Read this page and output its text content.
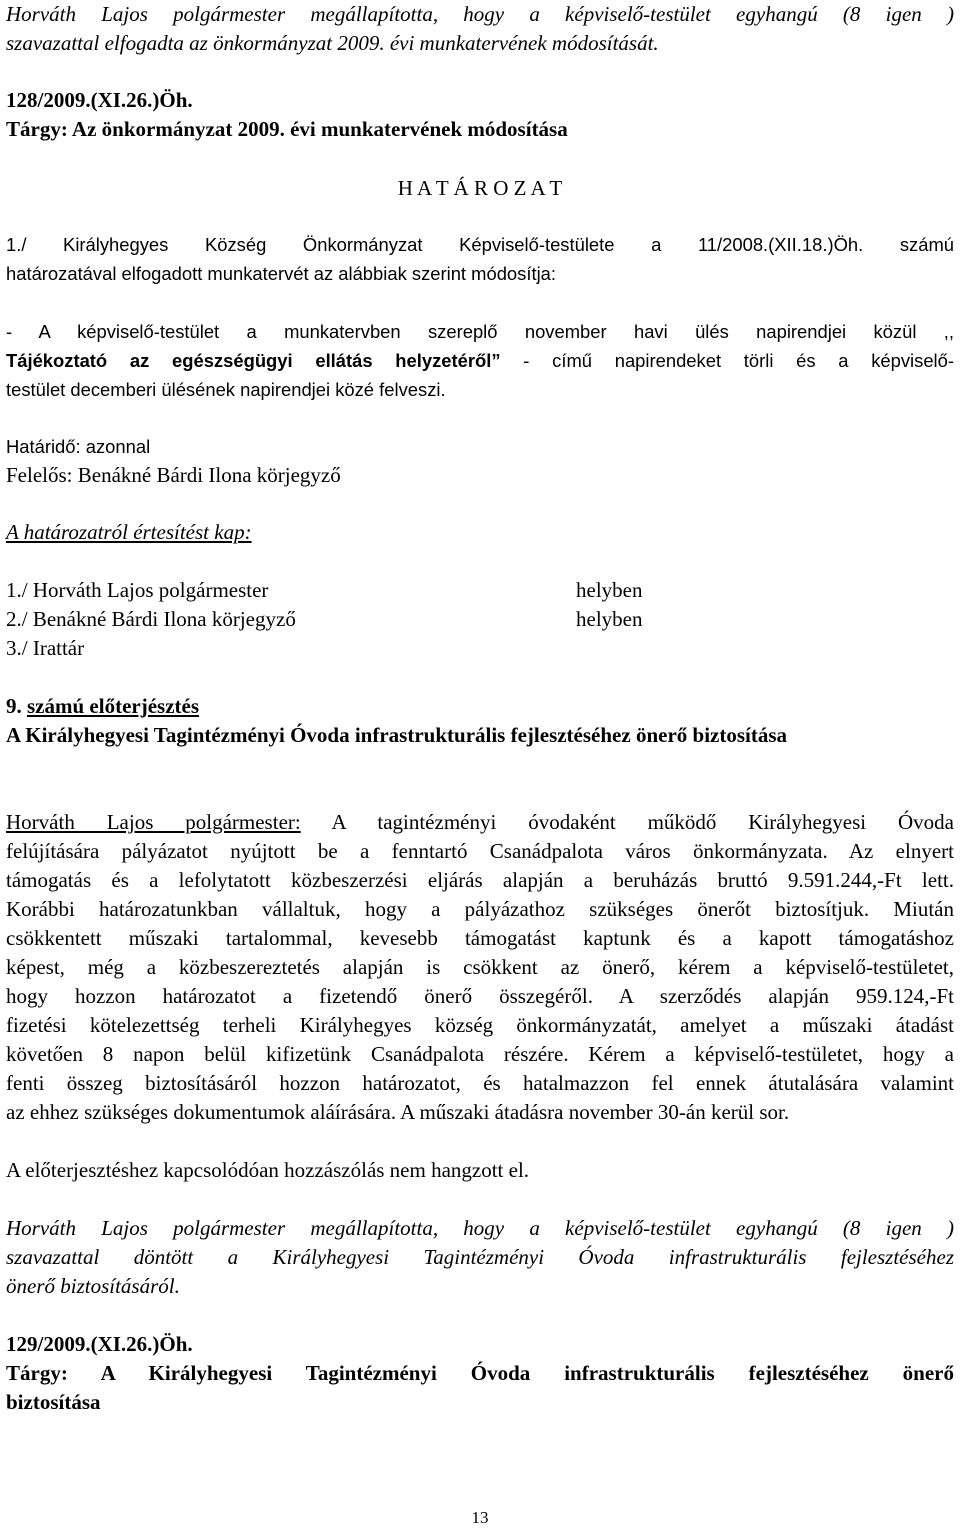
Horváth Lajos polgármester megállapította, hogy a képviselő-testület egyhangú (8 igen )
szavazattal elfogadta az önkormányzat 2009. évi munkatervének módosítását.
128/2009.(XI.26.)Öh.
Tárgy: Az önkormányzat 2009. évi munkatervének módosítása
H A T Á R O Z A T
1./ Királyhegyes Község Önkormányzat Képviselő-testülete a 11/2008.(XII.18.)Öh. számú
határozatával elfogadott munkatervét az alábbiak szerint módosítja:
- A képviselő-testület a munkatervben szereplő november havi ülés napirendjei közül ,,
Tájékoztató az egészségügyi ellátás helyzetéről” - című napirendeket törli és a képviselő-
testület decemberi ülésének napirendjei közé felveszi.
Határidő: azonnal
Felelős: Benákné Bárdi Ilona körjegyző
A határozatról értesítést kap:
1./ Horváth Lajos polgármester	helyben
2./ Benákné Bárdi Ilona körjegyző	helyben
3./ Irattár
9. számú előterjésztés
A Királyhegyesi Tagintézményi Óvoda infrastrukturális fejlesztéséhez önerő biztosítása
Horváth Lajos polgármester: A tagintézményi óvodaként működő Királyhegyesi Óvoda
felújítására pályázatot nyújtott be a fenntartó Csanádpalota város önkormányzata. Az elnyert
támogatás és a lefolytatott közbeszerzési eljárás alapján a beruházás bruttó 9.591.244,-Ft lett.
Korábbi határozatunkban vállaltuk, hogy a pályázathoz szükséges önerőt biztosítjuk. Miután
csökkentett műszaki tartalommal, kevesebb támogatást kaptunk és a kapott támogatáshoz
képest, még a közbeszereztetés alapján is csökkent az önerő, kérem a képviselő-testületet,
hogy hozzon határozatot a fizetendő önerő összegéről. A szerződés alapján 959.124,-Ft
fizetési kötelezettség terheli Királyhegyes község önkormányzatát, amelyet a műszaki átadást
követően 8 napon belül kifizetünk Csanádpalota részére. Kérem a képviselő-testületet, hogy a
fenti összeg biztosításáról hozzon határozatot, és hatalmazzon fel ennek átutalására valamint
az ehhez szükséges dokumentumok aláírására. A műszaki átadásra november 30-án kerül sor.
A előterjesztéshez kapcsolódóan hozzászólás nem hangzott el.
Horváth Lajos polgármester megállapította, hogy a képviselő-testület egyhangú (8 igen )
szavazattal döntött a Királyhegyesi Tagintézményi Óvoda infrastrukturális fejlesztéséhez
önerő biztosításáról.
129/2009.(XI.26.)Öh.
Tárgy: A Királyhegyesi Tagintézményi Óvoda infrastrukturális fejlesztéséhez önerő
biztosítása
13
